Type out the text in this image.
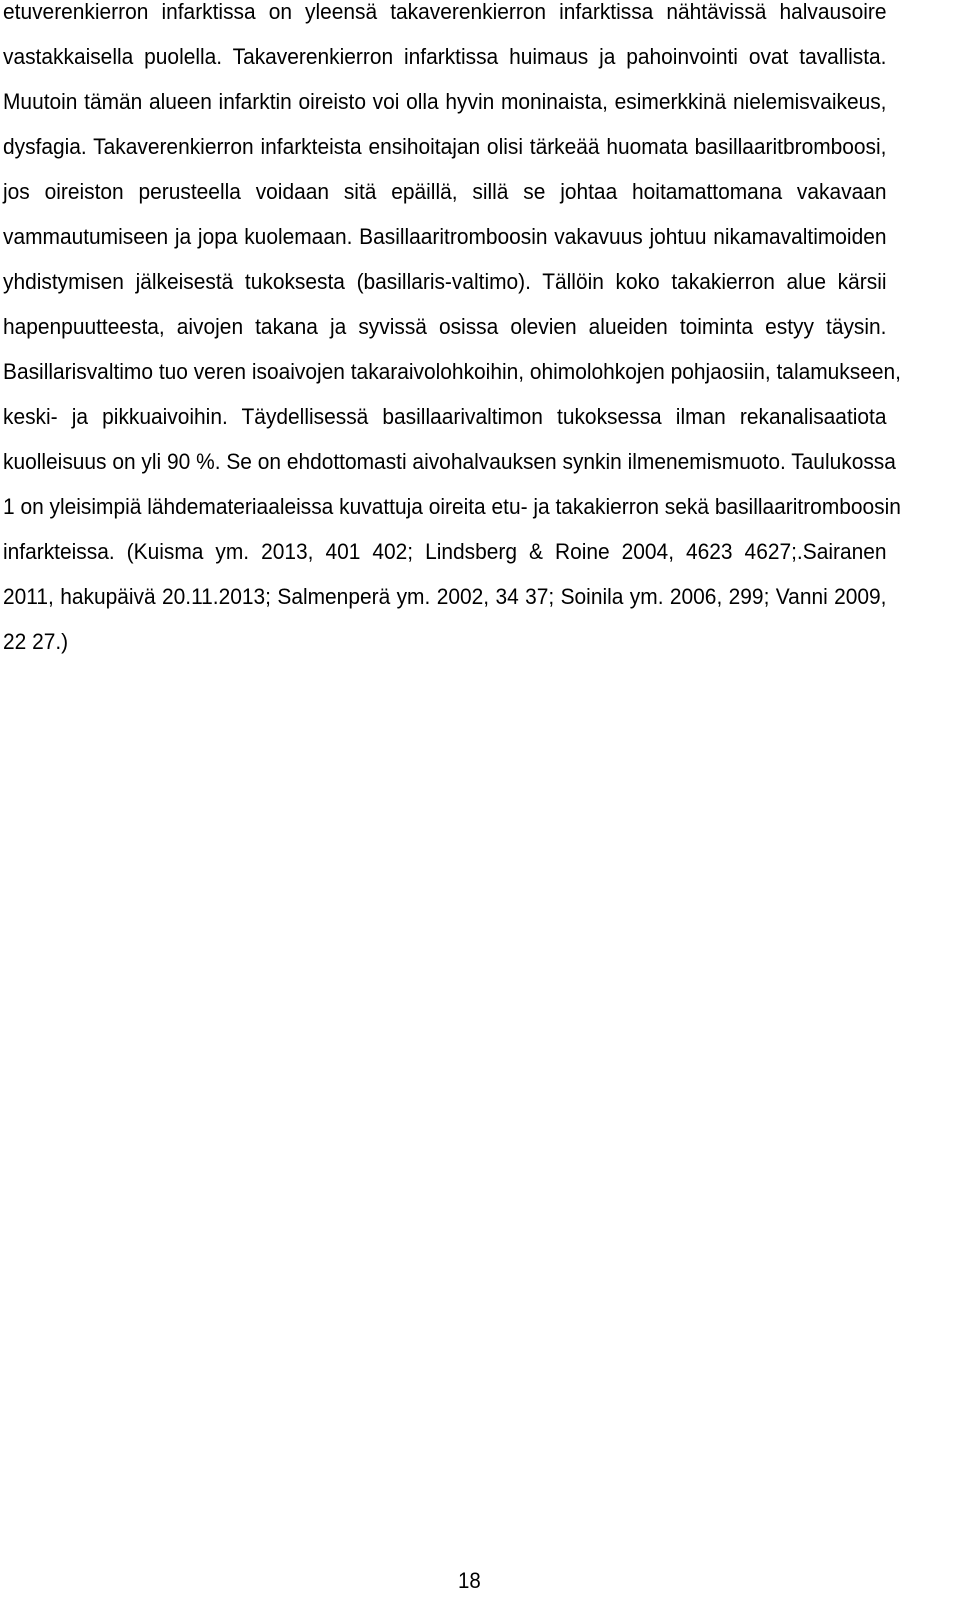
etuverenkierron infarktissa on yleensä takaverenkierron infarktissa nähtävissä halvausoire
vastakkaisella puolella. Takaverenkierron infarktissa huimaus ja pahoinvointi ovat tavallista.
Muutoin tämän alueen infarktin oireisto voi olla hyvin moninaista, esimerkkinä nielemisvaikeus,
dysfagia. Takaverenkierron infarkteista ensihoitajan olisi tärkeää huomata basillaaritbromboosi,
jos oireiston perusteella voidaan sitä epäillä, sillä se johtaa hoitamattomana vakavaan
vammautumiseen ja jopa kuolemaan. Basillaaritromboosin vakavuus johtuu nikamavaltimoiden
yhdistymisen jälkeisestä tukoksesta (basillaris-valtimo). Tällöin koko takakierron alue kärsii
hapenpuutteesta, aivojen takana ja syvissä osissa olevien alueiden toiminta estyy täysin.
Basillarisvaltimo tuo veren isoaivojen takaraivolohkoihin, ohimolohkojen pohjaosiin, talamukseen,
keski- ja pikkuaivoihin. Täydellisessä basillaarivaltimon tukoksessa ilman rekanalisaatiota
kuolleisuus on yli 90 %. Se on ehdottomasti aivohalvauksen synkin ilmenemismuoto. Taulukossa
1 on yleisimpiä lähdemateriaaleissa kuvattuja oireita etu- ja takakierron sekä basillaaritromboosin
infarkteissa. (Kuisma ym. 2013, 401 402; Lindsberg & Roine 2004, 4623 4627;.Sairanen
2011, hakupäivä 20.11.2013; Salmenperä ym. 2002, 34 37; Soinila ym. 2006, 299; Vanni 2009,
22 27.)
18
